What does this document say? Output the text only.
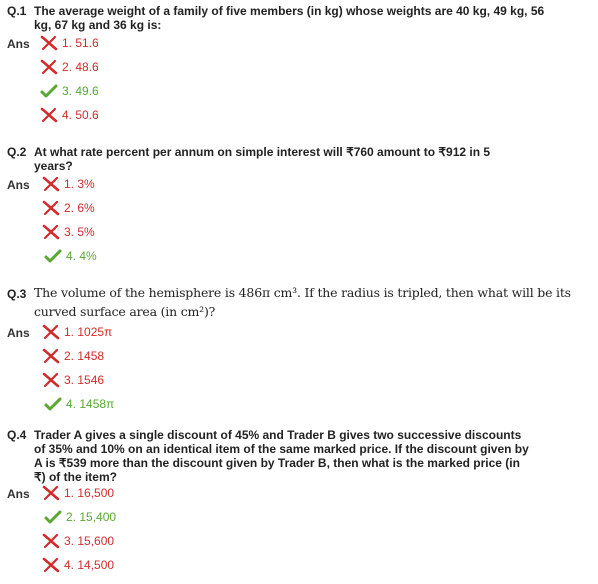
Q.1 The average weight of a family of five members (in kg) whose weights are 40 kg, 49 kg, 56 kg, 67 kg and 36 kg is:
Ans	1. 51.6
2. 48.6
3. 49.6
4. 50.6
Q.2 At what rate percent per annum on simple interest will ₹760 amount to ₹912 in 5 years?
Ans	1. 3%
2. 6%
3. 5%
4. 4%
Q.3 The volume of the hemisphere is 486π cm³. If the radius is tripled, then what will be its curved surface area (in cm²)?
Ans	1. 1025π
2. 1458
3. 1546
4. 1458π
Q.4 Trader A gives a single discount of 45% and Trader B gives two successive discounts of 35% and 10% on an identical item of the same marked price. If the discount given by A is ₹539 more than the discount given by Trader B, then what is the marked price (in ₹) of the item?
Ans	1. 16,500
2. 15,400
3. 15,600
4. 14,500
